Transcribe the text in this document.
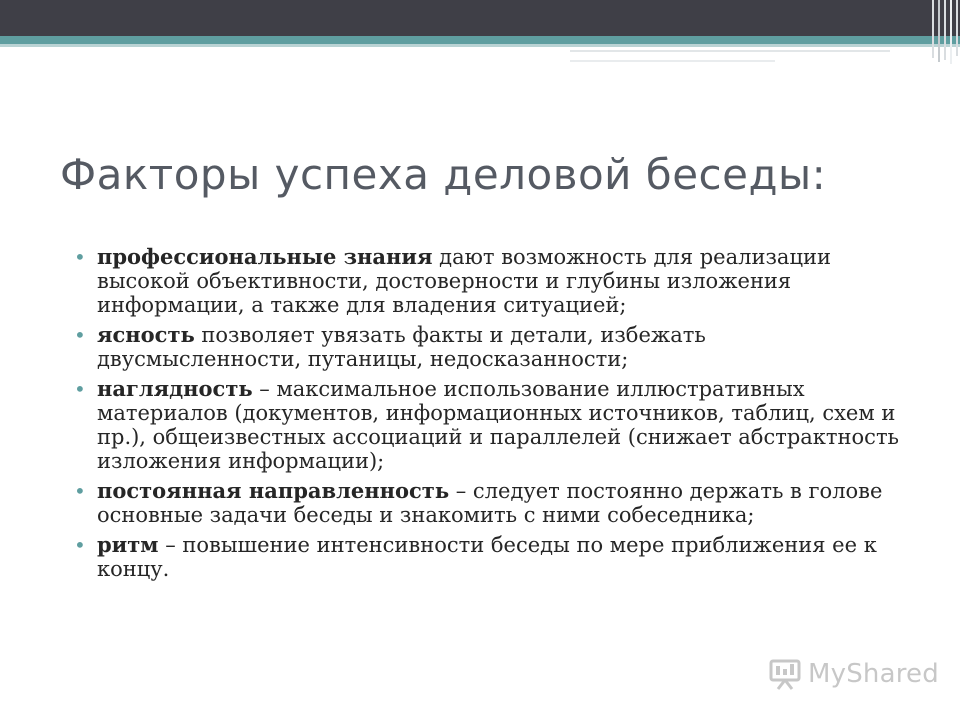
Факторы успеха деловой беседы:
• профессиональные знания дают возможность для реализации высокой объективности, достоверности и глубины изложения информации, а также для владения ситуацией;
• ясность позволяет увязать факты и детали, избежать двусмысленности, путаницы, недосказанности;
• наглядность – максимальное использование иллюстративных материалов (документов, информационных источников, таблиц, схем и пр.), общеизвестных ассоциаций и параллелей (снижает абстрактность изложения информации);
• постоянная направленность – следует постоянно держать в голове основные задачи беседы и знакомить с ними собеседника;
• ритм – повышение интенсивности беседы по мере приближения ее к концу.
MyShared
